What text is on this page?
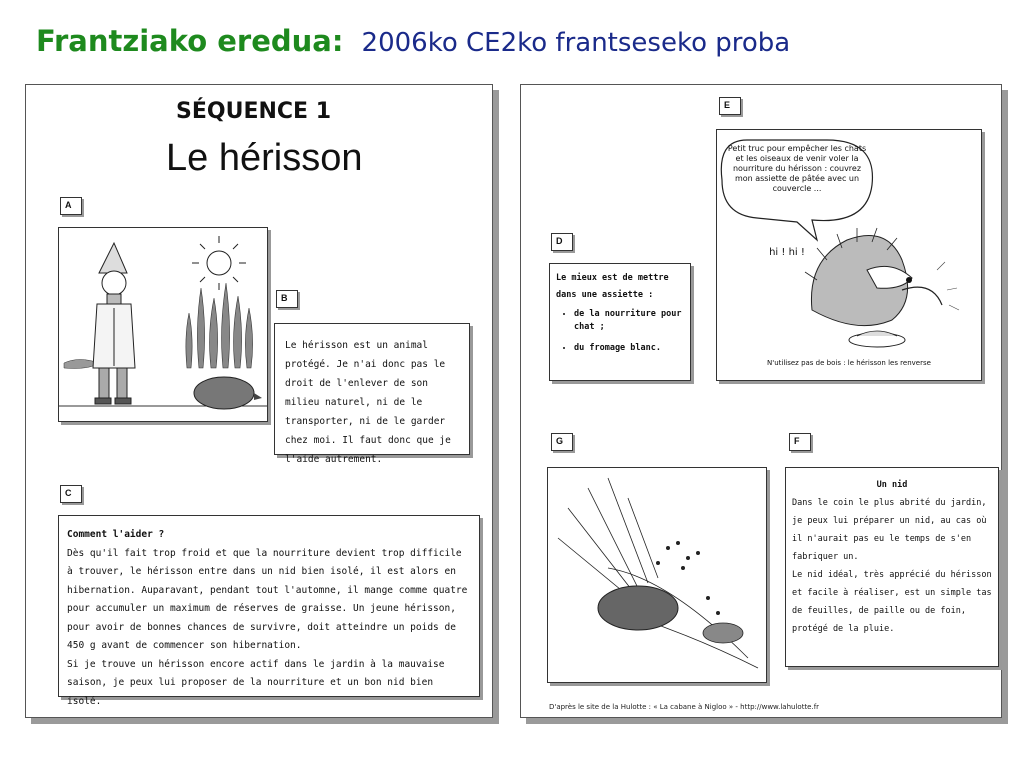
Frantziako eredua: 2006ko CE2ko frantseseko proba
SÉQUENCE 1
Le hérisson
A
B

Le hérisson est un animal protégé. Je n'ai donc pas le droit de l'enlever de son milieu naturel, ni de le transporter, ni de le garder chez moi. Il faut donc que je l'aide autrement.

C

Comment l'aider ?

Dès qu'il fait trop froid et que la nourriture devient trop difficile à trouver, le hérisson entre dans un nid bien isolé, il est alors en hibernation. Auparavant, pendant tout l'automne, il mange comme quatre pour accumuler un maximum de réserves de graisse. Un jeune hérisson, pour avoir de bonnes chances de survivre, doit atteindre un poids de 450 g avant de commencer son hibernation.

Si je trouve un hérisson encore actif dans le jardin à la mauvaise saison, je peux lui proposer de la nourriture et un bon nid bien isolé.

E
Petit truc pour empêcher les chats et les oiseaux de venir voler la nourriture du hérisson : couvrez mon assiette de pâtée avec un couvercle ...
hi ! hi !
N'utilisez pas de bois : le hérisson les renverse
D

Le mieux est de mettre dans une assiette :

• de la nourriture pour chat ;
• du fromage blanc.
G	F

Un nid

Dans le coin le plus abrité du jardin, je peux lui préparer un nid, au cas où il n'aurait pas eu le temps de s'en fabriquer un.

Le nid idéal, très apprécié du hérisson et facile à réaliser, est un simple tas de feuilles, de paille ou de foin, protégé de la pluie.

D'après le site de la Hulotte : « La cabane à Nigloo » - http://www.lahulotte.fr
